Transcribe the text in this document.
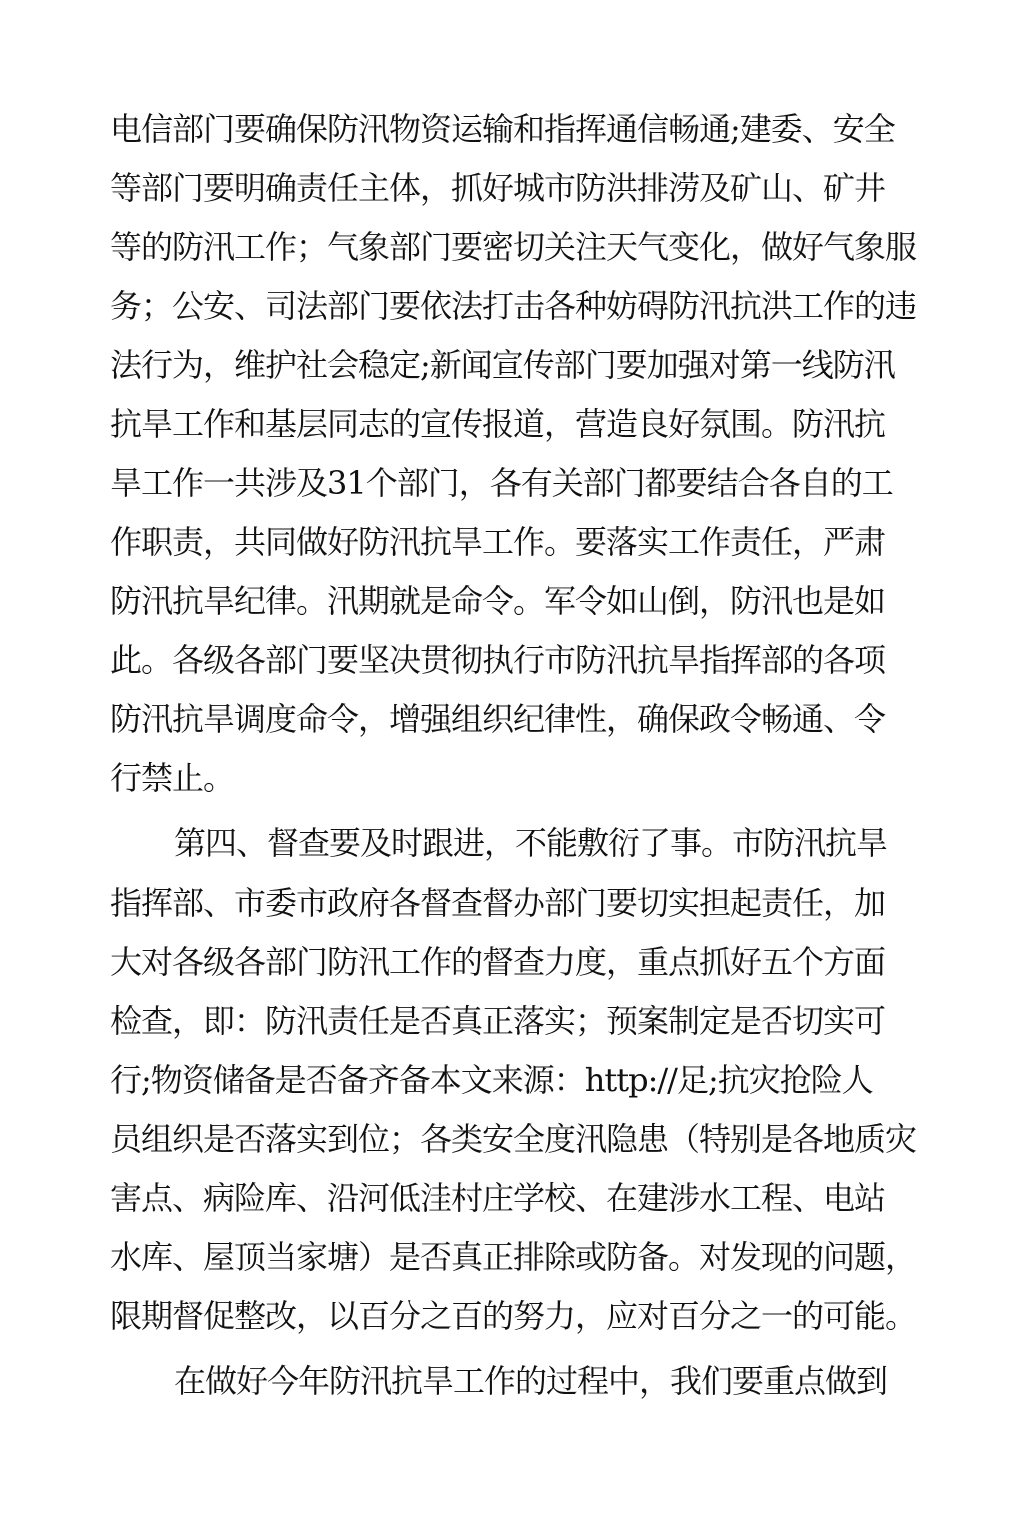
电信部门要确保防汛物资运输和指挥通信畅通;建委、安全
等部门要明确责任主体，抓好城市防洪排涝及矿山、矿井
等的防汛工作；气象部门要密切关注天气变化，做好气象服
务；公安、司法部门要依法打击各种妨碍防汛抗洪工作的违
法行为，维护社会稳定;新闻宣传部门要加强对第一线防汛
抗旱工作和基层同志的宣传报道，营造良好氛围。防汛抗
旱工作一共涉及31个部门，各有关部门都要结合各自的工
作职责，共同做好防汛抗旱工作。要落实工作责任，严肃
防汛抗旱纪律。汛期就是命令。军令如山倒，防汛也是如
此。各级各部门要坚决贯彻执行市防汛抗旱指挥部的各项
防汛抗旱调度命令，增强组织纪律性，确保政令畅通、令
行禁止。
第四、督查要及时跟进，不能敷衍了事。市防汛抗旱
指挥部、市委市政府各督查督办部门要切实担起责任，加
大对各级各部门防汛工作的督查力度，重点抓好五个方面
检查，即：防汛责任是否真正落实；预案制定是否切实可
行;物资储备是否备齐备本文来源：http://足;抗灾抢险人
员组织是否落实到位；各类安全度汛隐患（特别是各地质灾
害点、病险库、沿河低洼村庄学校、在建涉水工程、电站
水库、屋顶当家塘）是否真正排除或防备。对发现的问题，
限期督促整改，以百分之百的努力，应对百分之一的可能。
在做好今年防汛抗旱工作的过程中，我们要重点做到
